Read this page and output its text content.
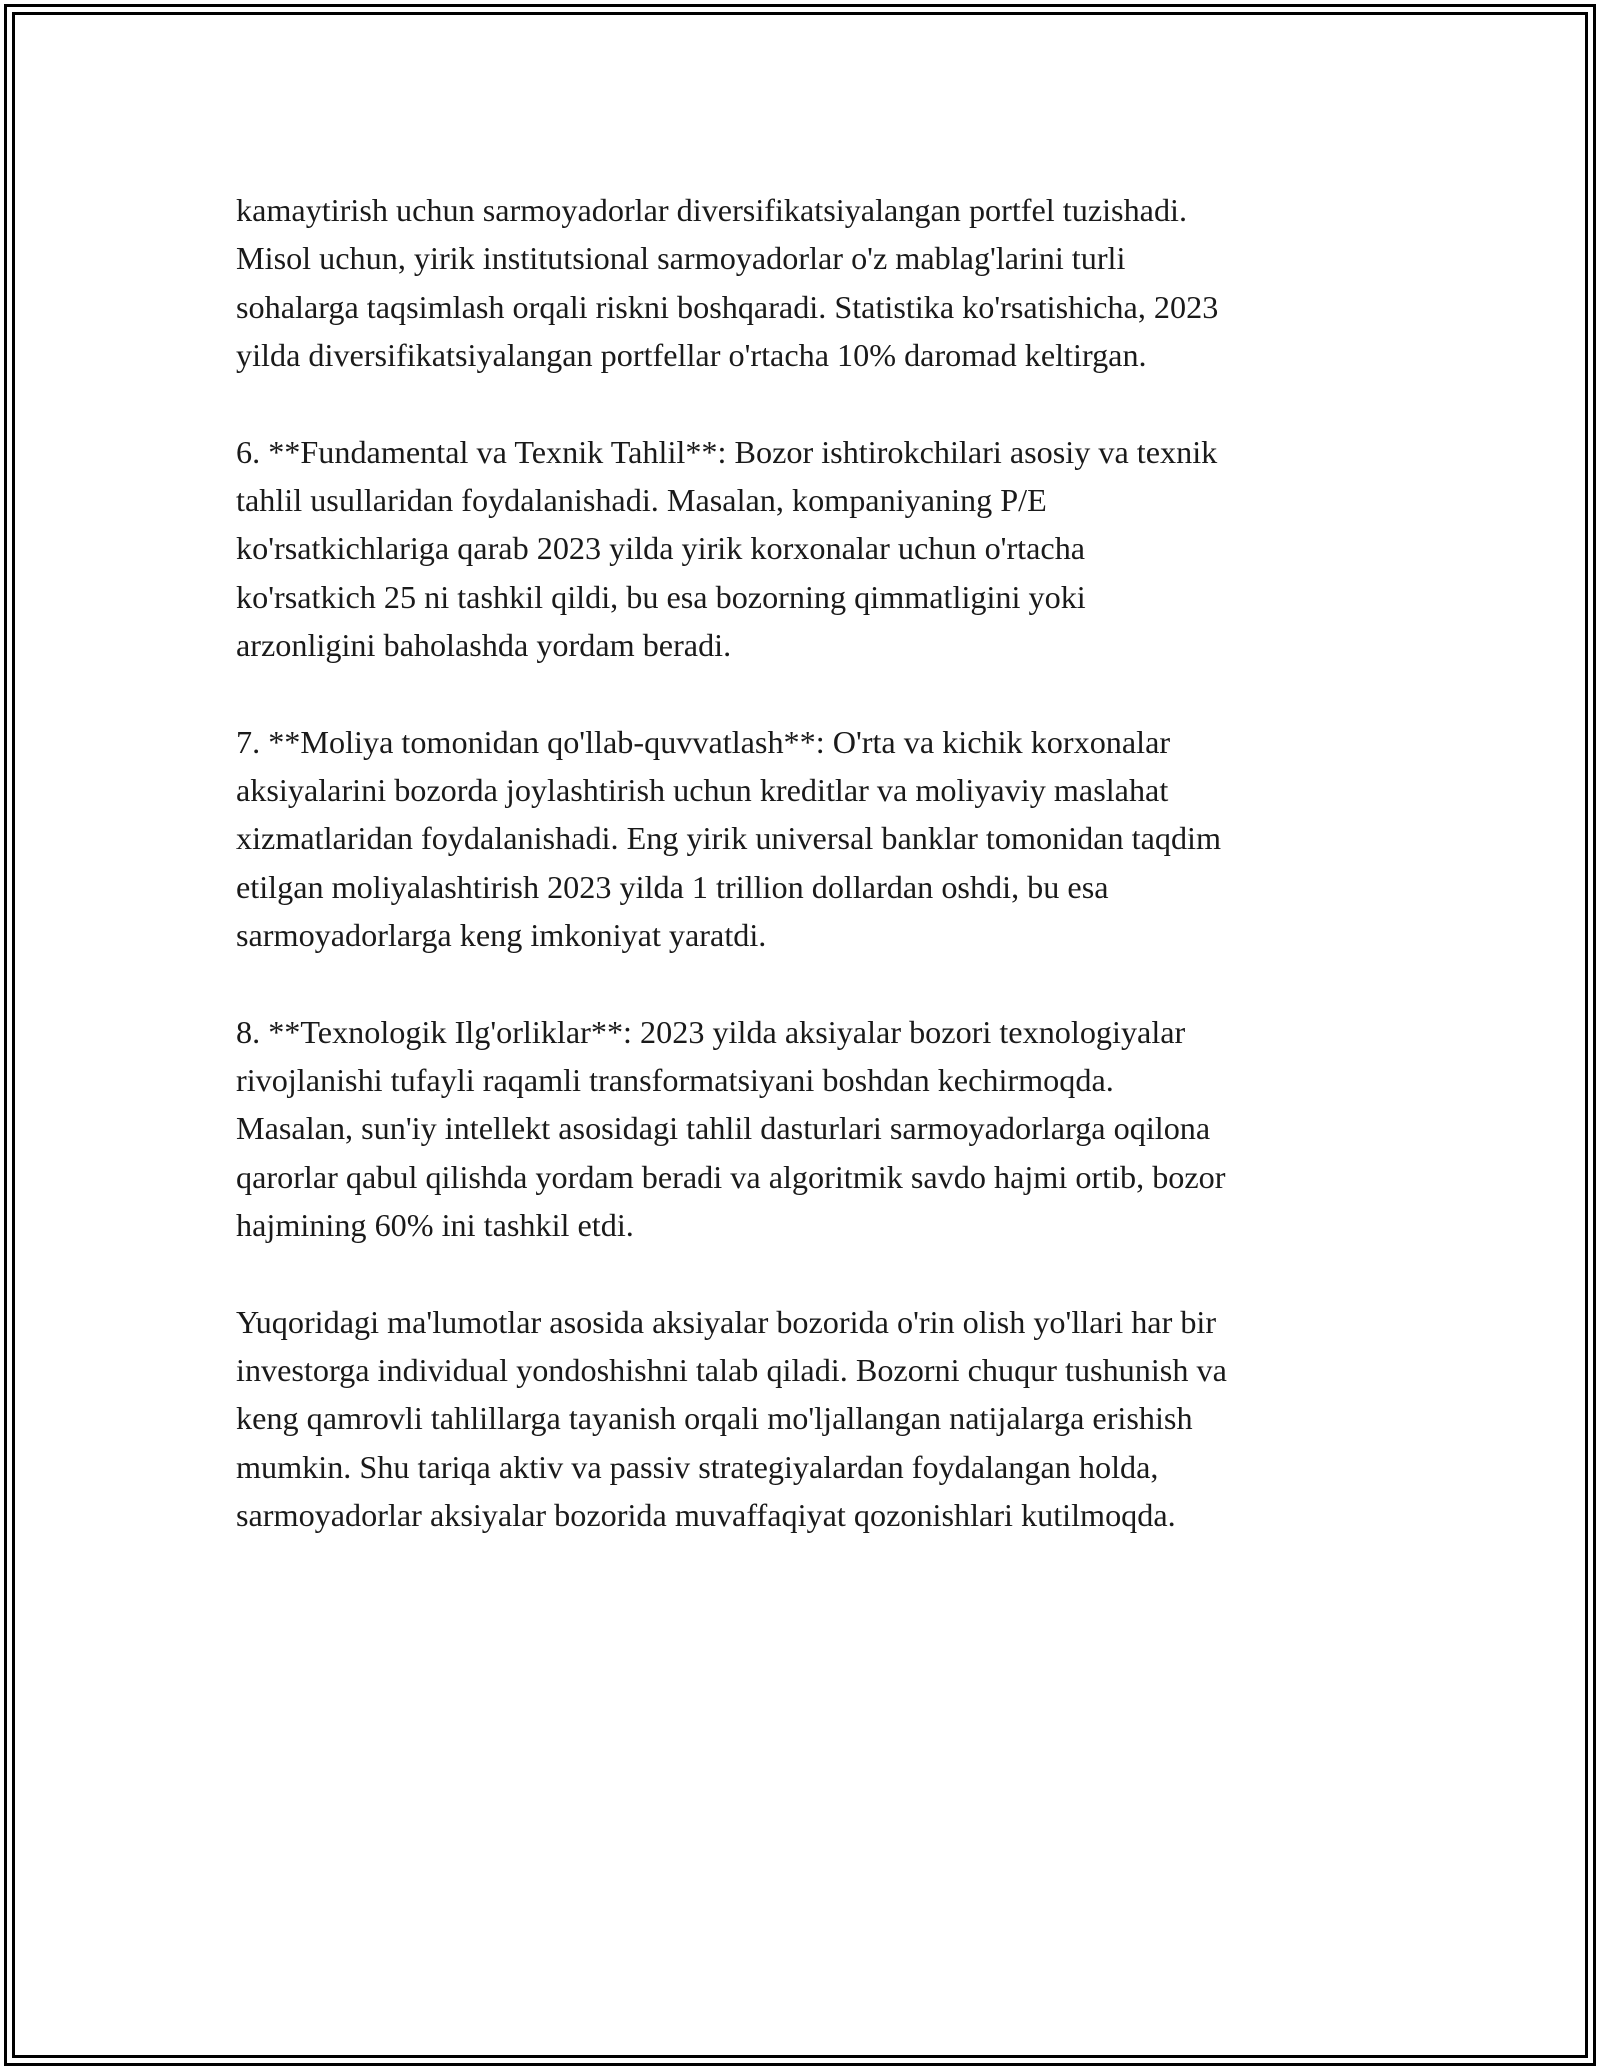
kamaytirish uchun sarmoyadorlar diversifikatsiyalangan portfel tuzishadi.
Misol uchun, yirik institutsional sarmoyadorlar o'z mablag'larini turli
sohalarga taqsimlash orqali riskni boshqaradi. Statistika ko'rsatishicha, 2023
yilda diversifikatsiyalangan portfellar o'rtacha 10% daromad keltirgan.

6. **Fundamental va Texnik Tahlil**: Bozor ishtirokchilari asosiy va texnik
tahlil usullaridan foydalanishadi. Masalan, kompaniyaning P/E
ko'rsatkichlariga qarab 2023 yilda yirik korxonalar uchun o'rtacha
ko'rsatkich 25 ni tashkil qildi, bu esa bozorning qimmatligini yoki
arzonligini baholashda yordam beradi.

7. **Moliya tomonidan qo'llab-quvvatlash**: O'rta va kichik korxonalar
aksiyalarini bozorda joylashtirish uchun kreditlar va moliyaviy maslahat
xizmatlaridan foydalanishadi. Eng yirik universal banklar tomonidan taqdim
etilgan moliyalashtirish 2023 yilda 1 trillion dollardan oshdi, bu esa
sarmoyadorlarga keng imkoniyat yaratdi.

8. **Texnologik Ilg'orliklar**: 2023 yilda aksiyalar bozori texnologiyalar
rivojlanishi tufayli raqamli transformatsiyani boshdan kechirmoqda.
Masalan, sun'iy intellekt asosidagi tahlil dasturlari sarmoyadorlarga oqilona
qarorlar qabul qilishda yordam beradi va algoritmik savdo hajmi ortib, bozor
hajmining 60% ini tashkil etdi.

Yuqoridagi ma'lumotlar asosida aksiyalar bozorida o'rin olish yo'llari har bir
investorga individual yondoshishni talab qiladi. Bozorni chuqur tushunish va
keng qamrovli tahlillarga tayanish orqali mo'ljallangan natijalarga erishish
mumkin. Shu tariqa aktiv va passiv strategiyalardan foydalangan holda,
sarmoyadorlar aksiyalar bozorida muvaffaqiyat qozonishlari kutilmoqda.
